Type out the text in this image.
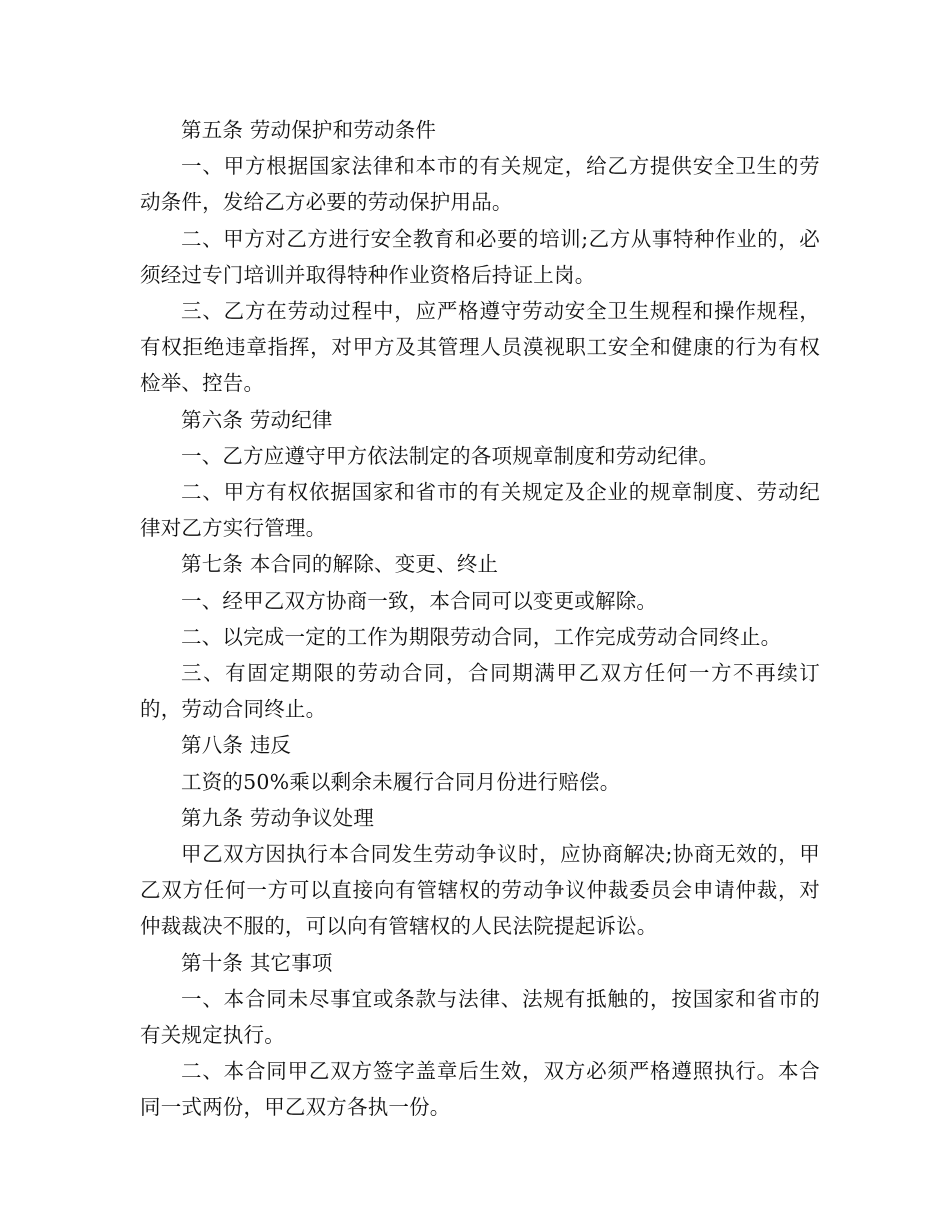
第五条 劳动保护和劳动条件

一、甲方根据国家法律和本市的有关规定，给乙方提供安全卫生的劳动条件，发给乙方必要的劳动保护用品。

二、甲方对乙方进行安全教育和必要的培训;乙方从事特种作业的，必须经过专门培训并取得特种作业资格后持证上岗。

三、乙方在劳动过程中，应严格遵守劳动安全卫生规程和操作规程，有权拒绝违章指挥，对甲方及其管理人员漠视职工安全和健康的行为有权检举、控告。

第六条 劳动纪律

一、乙方应遵守甲方依法制定的各项规章制度和劳动纪律。

二、甲方有权依据国家和省市的有关规定及企业的规章制度、劳动纪律对乙方实行管理。

第七条 本合同的解除、变更、终止

一、经甲乙双方协商一致，本合同可以变更或解除。

二、以完成一定的工作为期限劳动合同，工作完成劳动合同终止。

三、有固定期限的劳动合同，合同期满甲乙双方任何一方不再续订的，劳动合同终止。

第八条 违反

工资的50%乘以剩余未履行合同月份进行赔偿。

第九条 劳动争议处理

甲乙双方因执行本合同发生劳动争议时，应协商解决;协商无效的，甲乙双方任何一方可以直接向有管辖权的劳动争议仲裁委员会申请仲裁，对仲裁裁决不服的，可以向有管辖权的人民法院提起诉讼。

第十条 其它事项

一、本合同未尽事宜或条款与法律、法规有抵触的，按国家和省市的有关规定执行。

二、本合同甲乙双方签字盖章后生效，双方必须严格遵照执行。本合同一式两份，甲乙双方各执一份。
